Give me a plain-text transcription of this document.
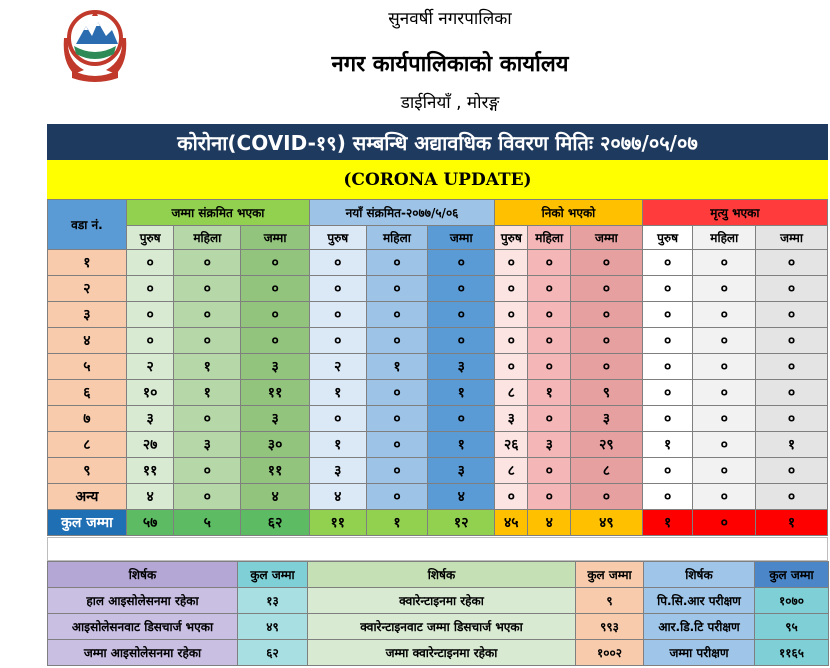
सुनवर्षी नगरपालिका
नगर कार्यपालिकाको कार्यालय
डाईनियाँ , मोरङ्ग
कोरोना(COVID-१९) सम्बन्धि अद्यावधिक विवरण मितिः २०७७/०५/०७
(CORONA UPDATE)
वडा नं.	जम्मा संक्रमित भएका			नयाँ संक्रमित-२०७७/५/०६			निको भएको			मृत्यु भएका		
	पुरुष	महिला	जम्मा	पुरुष	महिला	जम्मा	पुरुष	महिला	जम्मा	पुरुष	महिला	जम्मा
१	०	०	०	०	०	०	०	०	०	०	०	०
२	०	०	०	०	०	०	०	०	०	०	०	०
३	०	०	०	०	०	०	०	०	०	०	०	०
४	०	०	०	०	०	०	०	०	०	०	०	०
५	२	१	३	२	१	३	०	०	०	०	०	०
६	१०	१	११	१	०	१	८	१	९	०	०	०
७	३	०	३	०	०	०	३	०	३	०	०	०
८	२७	३	३०	१	०	१	२६	३	२९	१	०	१
९	११	०	११	३	०	३	८	०	८	०	०	०
अन्य	४	०	४	४	०	४	०	०	०	०	०	०
कुल जम्मा	५७	५	६२	११	१	१२	४५	४	४९	१	०	१
शिर्षक	कुल जम्मा	शिर्षक	कुल जम्मा	शिर्षक	कुल जम्मा
हाल आइसोलेसनमा रहेका	१३	क्वारेन्टाइनमा रहेका	९	पि.सि.आर परीक्षण	१०७०
आइसोलेसनवाट डिसचार्ज भएका	४९	क्वारेन्टाइनवाट जम्मा डिसचार्ज भएका	९९३	आर.डि.टि परीक्षण	९५
जम्मा आइसोलेसनमा रहेका	६२	जम्मा क्वारेन्टाइनमा रहेका	१००२	जम्मा परीक्षण	११६५
